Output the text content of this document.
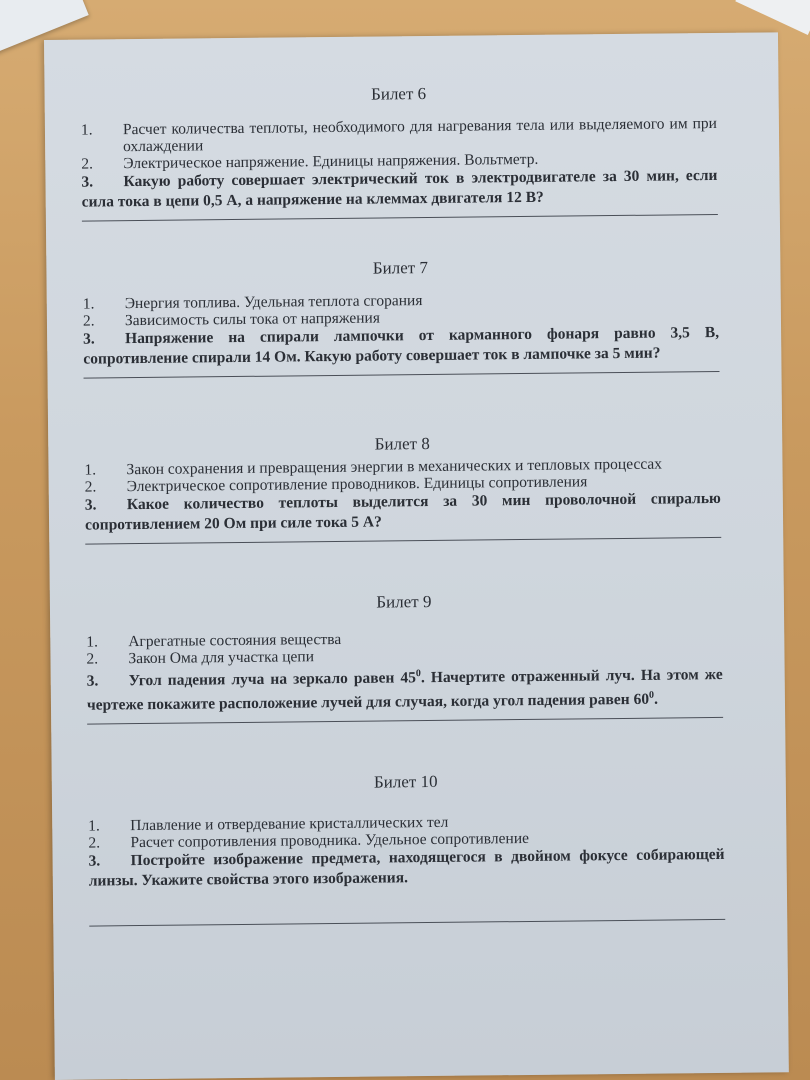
Билет 6
1.	Расчет количества теплоты, необходимого для нагревания тела или выделяемого им при охлаждении
2.	Электрическое напряжение. Единицы напряжения. Вольтметр.
3. Какую работу совершает электрический ток в электродвигателе за 30 мин, если сила тока в цепи 0,5 А, а напряжение на клеммах двигателя 12 В?
Билет 7
1.	Энергия топлива. Удельная теплота сгорания
2.	Зависимость силы тока от напряжения
3. Напряжение на спирали лампочки от карманного фонаря равно 3,5 В, сопротивление спирали 14 Ом. Какую работу совершает ток в лампочке за 5 мин?
Билет 8
1.	Закон сохранения и превращения энергии в механических и тепловых процессах
2.	Электрическое сопротивление проводников. Единицы сопротивления
3. Какое количество теплоты выделится за 30 мин проволочной спиралью сопротивлением 20 Ом при силе тока 5 А?
Билет 9
1.	Агрегатные состояния вещества
2.	Закон Ома для участка цепи
3. Угол падения луча на зеркало равен $45^0$. Начертите отраженный луч. На этом же чертеже покажите расположение лучей для случая, когда угол падения равен $60^0$.
Билет 10
1.	Плавление и отвердевание кристаллических тел
2.	Расчет сопротивления проводника. Удельное сопротивление
3. Постройте изображение предмета, находящегося в двойном фокусе собирающей линзы. Укажите свойства этого изображения.
